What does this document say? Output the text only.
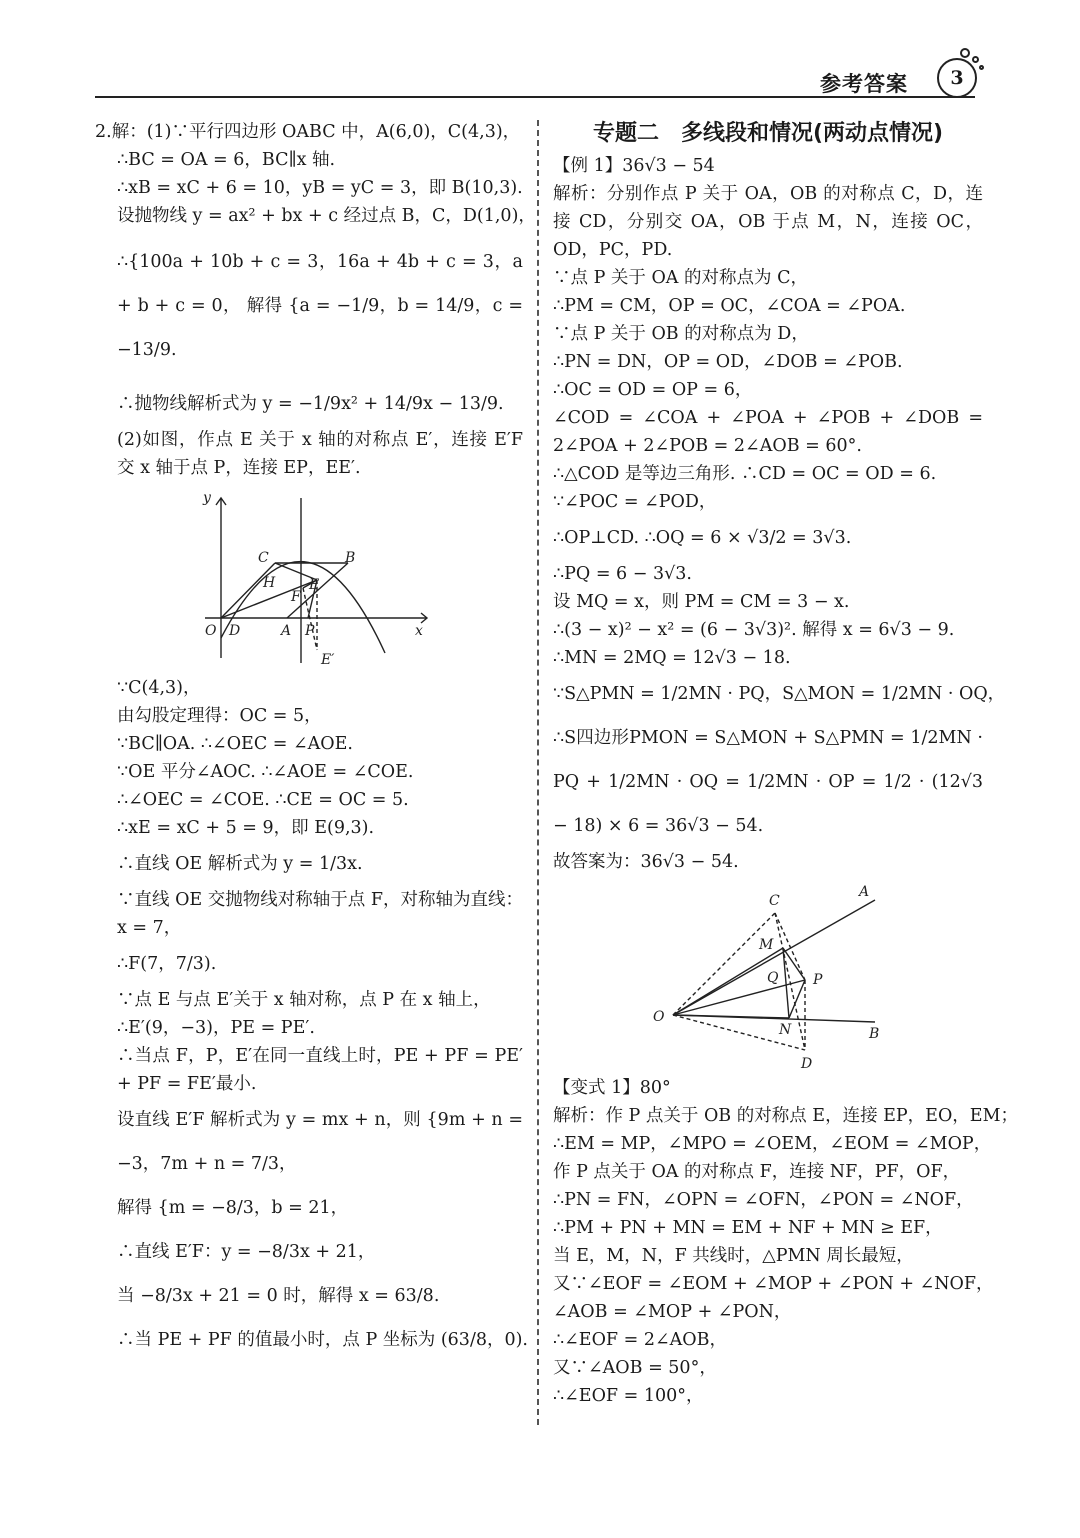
参考答案	3
2.解：(1)∵平行四边形 OABC 中，A(6,0)，C(4,3)，
∴BC = OA = 6，BC∥x 轴.
∴xB = xC + 6 = 10，yB = yC = 3，即 B(10,3).
设抛物线 y = ax² + bx + c 经过点 B，C，D(1,0)，
∴{100a + 10b + c = 3，16a + 4b + c = 3，a + b + c = 0， 解得 {a = −1/9，b = 14/9，c = −13/9.
∴抛物线解析式为 y = −1/9x² + 14/9x − 13/9.
(2)如图，作点 E 关于 x 轴的对称点 E′，连接 E′F 交 x 轴于点 P，连接 EP，EE′.
y
x
O D	A P
C	B
H
F
E
E′
∵C(4,3)，
由勾股定理得：OC = 5，
∵BC∥OA. ∴∠OEC = ∠AOE.
∵OE 平分∠AOC. ∴∠AOE = ∠COE.
∴∠OEC = ∠COE. ∴CE = OC = 5.
∴xE = xC + 5 = 9，即 E(9,3).
∴直线 OE 解析式为 y = 1/3x.
∵直线 OE 交抛物线对称轴于点 F，对称轴为直线：x = 7，
∴F(7，7/3).
∵点 E 与点 E′关于 x 轴对称，点 P 在 x 轴上，
∴E′(9，−3)，PE = PE′.
∴当点 F，P，E′在同一直线上时，PE + PF = PE′ + PF = FE′最小.
设直线 E′F 解析式为 y = mx + n，则 {9m + n = −3，7m + n = 7/3，
解得 {m = −8/3，b = 21，
∴直线 E′F：y = −8/3x + 21，
当 −8/3x + 21 = 0 时，解得 x = 63/8.
∴当 PE + PF 的值最小时，点 P 坐标为 (63/8，0).
专题二　多线段和情况(两动点情况)
【例 1】36√3 − 54
解析：分别作点 P 关于 OA，OB 的对称点 C，D，连接 CD，分别交 OA，OB 于点 M，N，连接 OC，OD，PC，PD.
∵点 P 关于 OA 的对称点为 C，
∴PM = CM，OP = OC，∠COA = ∠POA.
∵点 P 关于 OB 的对称点为 D，
∴PN = DN，OP = OD，∠DOB = ∠POB.
∴OC = OD = OP = 6，
∠COD = ∠COA + ∠POA + ∠POB + ∠DOB = 2∠POA + 2∠POB = 2∠AOB = 60°.
∴△COD 是等边三角形. ∴CD = OC = OD = 6.
∵∠POC = ∠POD，
∴OP⊥CD. ∴OQ = 6 × √3/2 = 3√3.
∴PQ = 6 − 3√3.
设 MQ = x，则 PM = CM = 3 − x.
∴(3 − x)² − x² = (6 − 3√3)². 解得 x = 6√3 − 9.
∴MN = 2MQ = 12√3 − 18.
∵S△PMN = 1/2MN · PQ，S△MON = 1/2MN · OQ，
∴S四边形PMON = S△MON + S△PMN = 1/2MN · PQ + 1/2MN · OQ = 1/2MN · OP = 1/2 · (12√3 − 18) × 6 = 36√3 − 54.
故答案为：36√3 − 54.
O
A
B
C
D
M
N
P
Q
【变式 1】80°
解析：作 P 点关于 OB 的对称点 E，连接 EP，EO，EM；
∴EM = MP，∠MPO = ∠OEM，∠EOM = ∠MOP，
作 P 点关于 OA 的对称点 F，连接 NF，PF，OF，
∴PN = FN，∠OPN = ∠OFN，∠PON = ∠NOF，
∴PM + PN + MN = EM + NF + MN ≥ EF，
当 E，M，N，F 共线时，△PMN 周长最短，
又∵∠EOF = ∠EOM + ∠MOP + ∠PON + ∠NOF，
∠AOB = ∠MOP + ∠PON，
∴∠EOF = 2∠AOB，
又∵∠AOB = 50°，
∴∠EOF = 100°，
